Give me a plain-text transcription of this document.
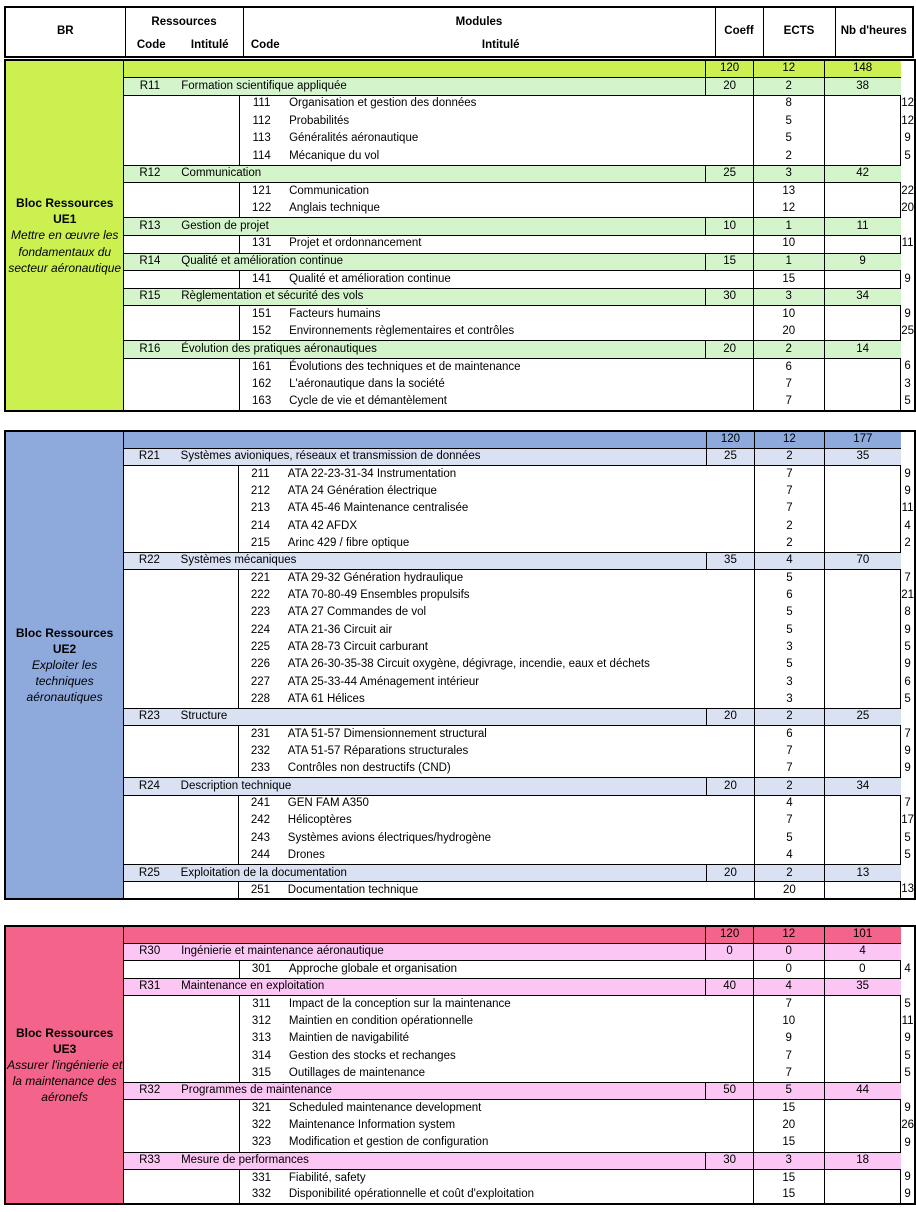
BR	Ressources		Modules		Coeff	ECTS	Nb d'heures
	Code	Intitulé	Code	Intitulé			
Bloc Ressources UE1
Mettre en œuvre les fondamentaux du secteur aéronautique					120	12	148	
	R11	Formation scientifique appliquée			20	2	38	
			111	Organisation et gestion des données		8		12
			112	Probabilités		5		12
			113	Généralités aéronautique		5		9
			114	Mécanique du vol		2		5
	R12	Communication			25	3	42	
			121	Communication		13		22
			122	Anglais technique		12		20
	R13	Gestion de projet			10	1	11	
			131	Projet et ordonnancement		10		11
	R14	Qualité et amélioration continue			15	1	9	
			141	Qualité et amélioration continue		15		9
	R15	Règlementation et sécurité des vols			30	3	34	
			151	Facteurs humains		10		9
			152	Environnements règlementaires et contrôles		20		25
	R16	Évolution des pratiques aéronautiques			20	2	14	
			161	Évolutions des techniques et de maintenance		6		6
			162	L'aéronautique dans la société		7		3
			163	Cycle de vie et démantèlement		7		5
Bloc Ressources UE2
Exploiter les techniques aéronautiques					120	12	177	
	R21	Systèmes avioniques, réseaux et transmission de données			25	2	35	
			211	ATA 22-23-31-34 Instrumentation		7		9
			212	ATA 24 Génération électrique		7		9
			213	ATA 45-46 Maintenance centralisée		7		11
			214	ATA 42 AFDX		2		4
			215	Arinc 429 / fibre optique		2		2
	R22	Systèmes mécaniques			35	4	70	
			221	ATA 29-32 Génération hydraulique		5		7
			222	ATA 70-80-49 Ensembles propulsifs		6		21
			223	ATA 27 Commandes de vol		5		8
			224	ATA 21-36 Circuit air		5		9
			225	ATA 28-73 Circuit carburant		3		5
			226	ATA 26-30-35-38 Circuit oxygène, dégivrage, incendie, eaux et déchets		5		9
			227	ATA 25-33-44 Aménagement intérieur		3		6
			228	ATA 61 Hélices		3		5
	R23	Structure			20	2	25	
			231	ATA 51-57 Dimensionnement structural		6		7
			232	ATA 51-57 Réparations structurales		7		9
			233	Contrôles non destructifs (CND)		7		9
	R24	Description technique			20	2	34	
			241	GEN FAM A350		4		7
			242	Hélicoptères		7		17
			243	Systèmes avions électriques/hydrogène		5		5
			244	Drones		4		5
	R25	Exploitation de la documentation			20	2	13	
			251	Documentation technique		20		13
Bloc Ressources UE3
Assurer l'ingénierie et la maintenance des aéronefs					120	12	101	
	R30	Ingénierie et maintenance aéronautique			0	0	4	
			301	Approche globale et organisation		0	0	4
	R31	Maintenance en exploitation			40	4	35	
			311	Impact de la conception sur la maintenance		7		5
			312	Maintien en condition opérationnelle		10		11
			313	Maintien de navigabilité		9		9
			314	Gestion des stocks et rechanges		7		5
			315	Outillages de maintenance		7		5
	R32	Programmes de maintenance			50	5	44	
			321	Scheduled maintenance development		15		9
			322	Maintenance Information system		20		26
			323	Modification et gestion de configuration		15		9
	R33	Mesure de performances			30	3	18	
			331	Fiabilité, safety		15		9
			332	Disponibilité opérationnelle et coût d'exploitation		15		9
